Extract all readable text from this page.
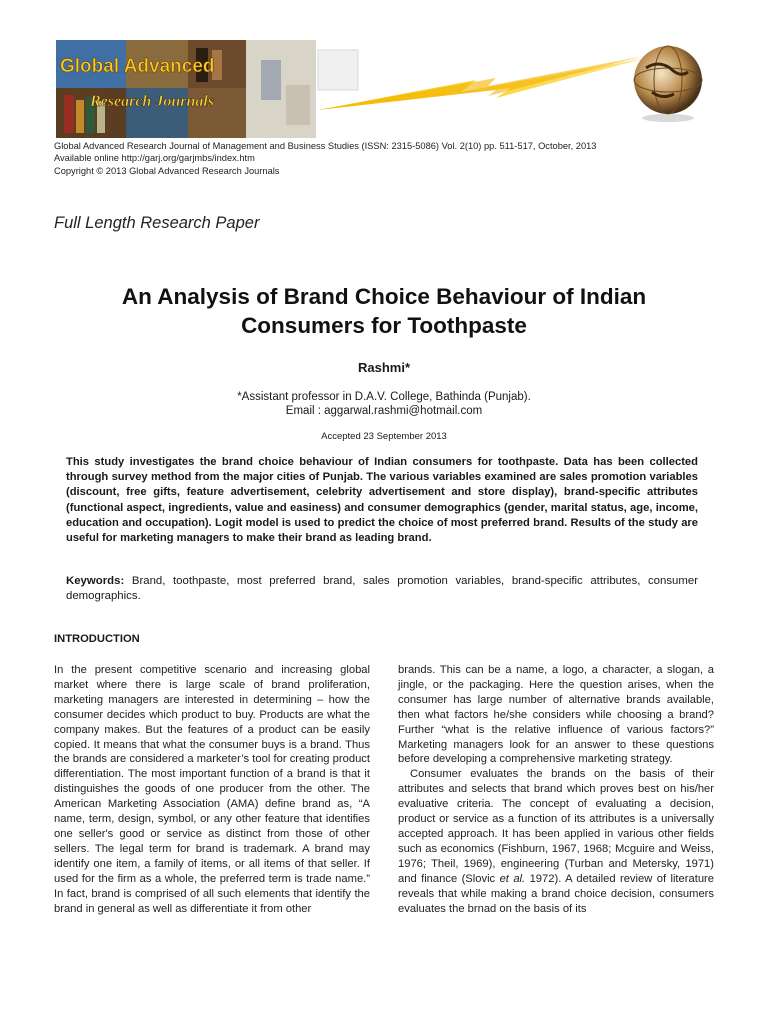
Global Advanced
Research Journals
Global Advanced Research Journal of Management and Business Studies (ISSN: 2315-5086) Vol. 2(10) pp. 511-517, October, 2013
Available online http://garj.org/garjmbs/index.htm
Copyright © 2013 Global Advanced Research Journals
Full Length Research Paper
An Analysis of Brand Choice Behaviour of Indian
Consumers for Toothpaste
Rashmi*
*Assistant professor in D.A.V. College, Bathinda (Punjab).
Email : aggarwal.rashmi@hotmail.com
Accepted 23 September 2013
This study investigates the brand choice behaviour of Indian consumers for toothpaste. Data has been collected through survey method from the major cities of Punjab. The various variables examined are sales promotion variables (discount, free gifts, feature advertisement, celebrity advertisement and store display), brand-specific attributes (functional aspect, ingredients, value and easiness) and consumer demographics (gender, marital status, age, income, education and occupation). Logit model is used to predict the choice of most preferred brand. Results of the study are useful for marketing managers to make their brand as leading brand.
Keywords: Brand, toothpaste, most preferred brand, sales promotion variables, brand-specific attributes, consumer demographics.
INTRODUCTION

In the present competitive scenario and increasing global market where there is large scale of brand proliferation, marketing managers are interested in determining – how the consumer decides which product to buy. Products are what the company makes. But the features of a product can be easily copied. It means that what the consumer buys is a brand. Thus the brands are considered a marketer’s tool for creating product differentiation. The most important function of a brand is that it distinguishes the goods of one producer from the other. The American Marketing Association (AMA) define brand as, “A name, term, design, symbol, or any other feature that identifies one seller's good or service as distinct from those of other sellers. The legal term for brand is trademark. A brand may identify one item, a family of items, or all items of that seller. If used for the firm as a whole, the preferred term is trade name.” In fact, brand is comprised of all such elements that identify the brand in general as well as differentiate it from other

brands. This can be a name, a logo, a character, a slogan, a jingle, or the packaging. Here the question arises, when the consumer has large number of alternative brands available, then what factors he/she considers while choosing a brand? Further “what is the relative influence of various factors?” Marketing managers look for an answer to these questions before developing a comprehensive marketing strategy.

Consumer evaluates the brands on the basis of their attributes and selects that brand which proves best on his/her evaluative criteria. The concept of evaluating a decision, product or service as a function of its attributes is a universally accepted approach. It has been applied in various other fields such as economics (Fishburn, 1967, 1968; Mcguire and Weiss, 1976; Theil, 1969), engineering (Turban and Metersky, 1971) and finance (Slovic et al. 1972). A detailed review of literature reveals that while making a brand choice decision, consumers evaluates the brnad on the basis of its
